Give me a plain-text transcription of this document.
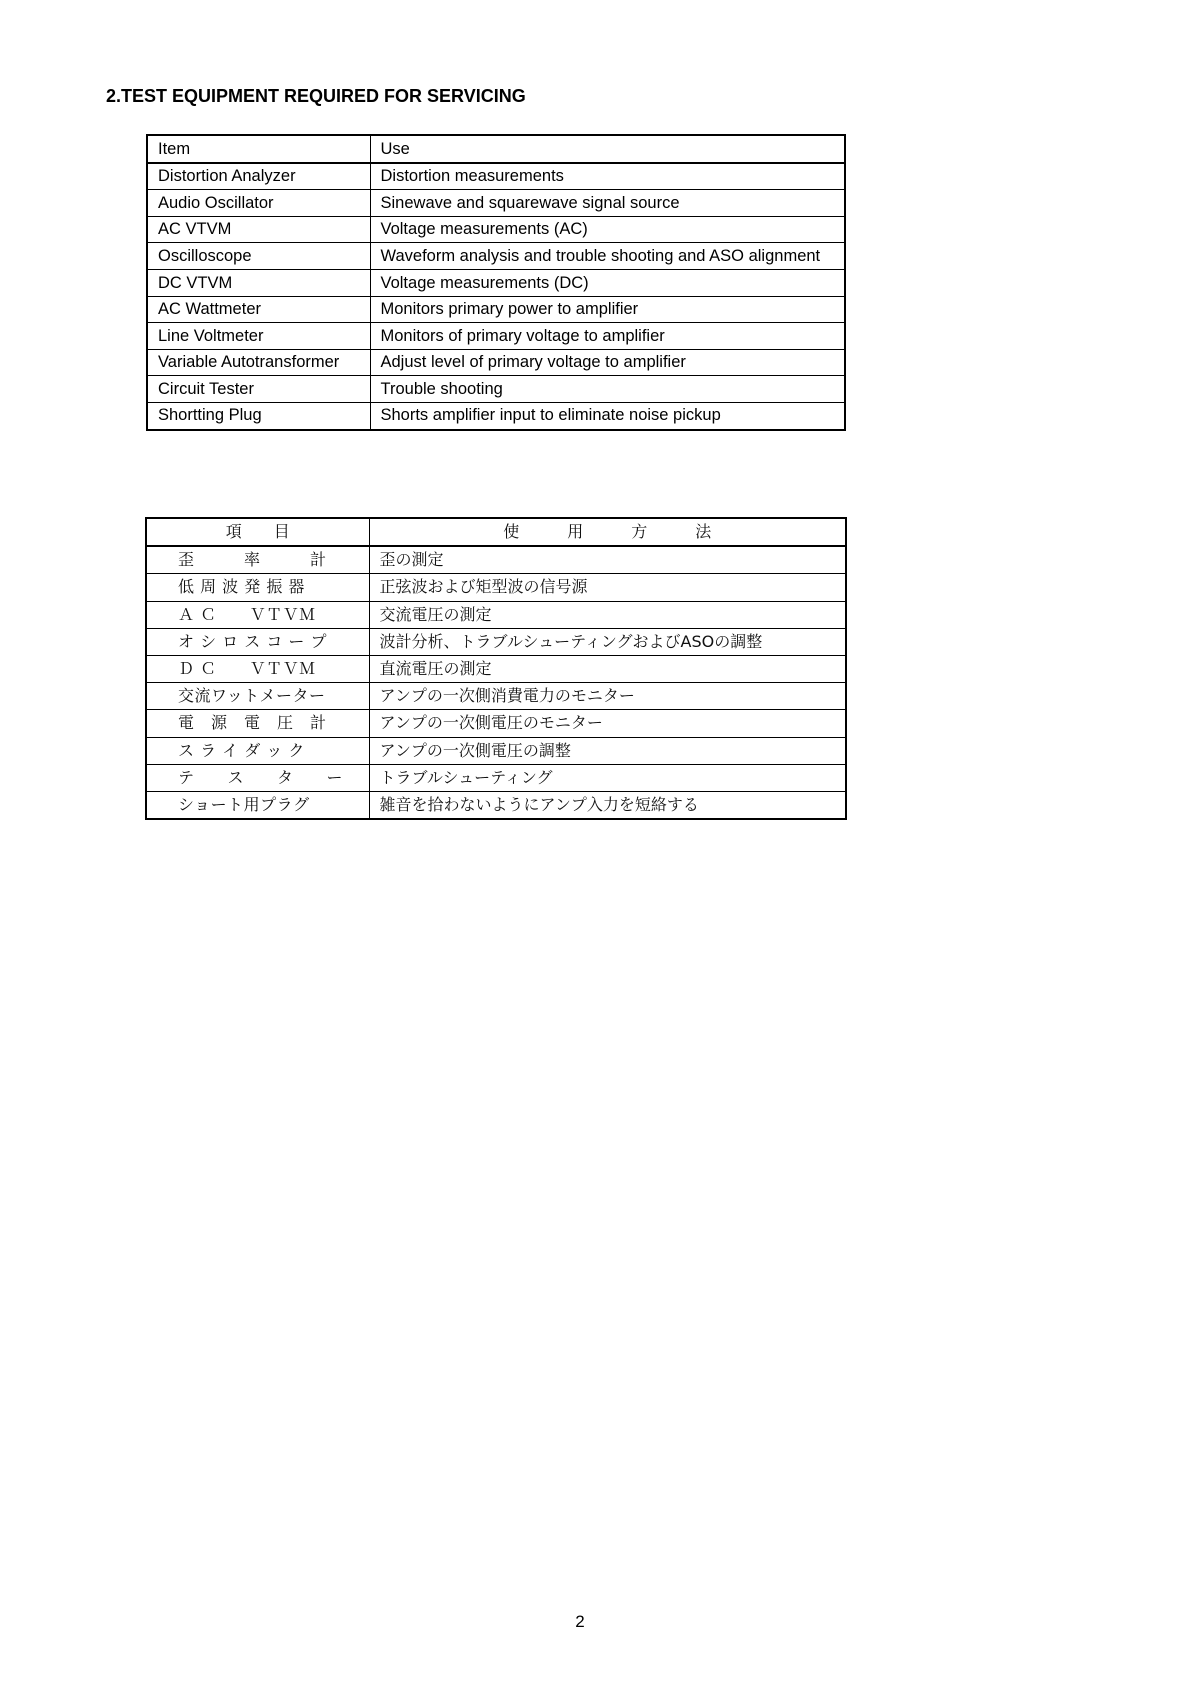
2.TEST EQUIPMENT REQUIRED FOR SERVICING
Item	Use
Distortion Analyzer	Distortion measurements
Audio Oscillator	Sinewave and squarewave signal source
AC VTVM	Voltage measurements (AC)
Oscilloscope	Waveform analysis and trouble shooting and ASO alignment
DC VTVM	Voltage measurements (DC)
AC Wattmeter	Monitors primary power to amplifier
Line Voltmeter	Monitors of primary voltage to amplifier
Variable Autotransformer	Adjust level of primary voltage to amplifier
Circuit Tester	Trouble shooting
Shortting Plug	Shorts amplifier input to eliminate noise pickup
項　　目	使　　　用　　　方　　　法
歪　　　率　　　計	歪の測定
低 周 波 発 振 器	正弦波および矩型波の信号源
Ａ Ｃ　　ＶＴＶＭ	交流電圧の測定
オ シ ロ ス コ ー プ	波計分析、トラブルシューティングおよびASOの調整
Ｄ Ｃ　　ＶＴＶＭ	直流電圧の測定
交流ワットメーター	アンプの一次側消費電力のモニター
電　源　電　圧　計	アンプの一次側電圧のモニター
ス ラ イ ダ ッ ク	アンプの一次側電圧の調整
テ　　ス　　タ　　ー	トラブルシューティング
ショート用プラグ	雑音を拾わないようにアンプ入力を短絡する
2
